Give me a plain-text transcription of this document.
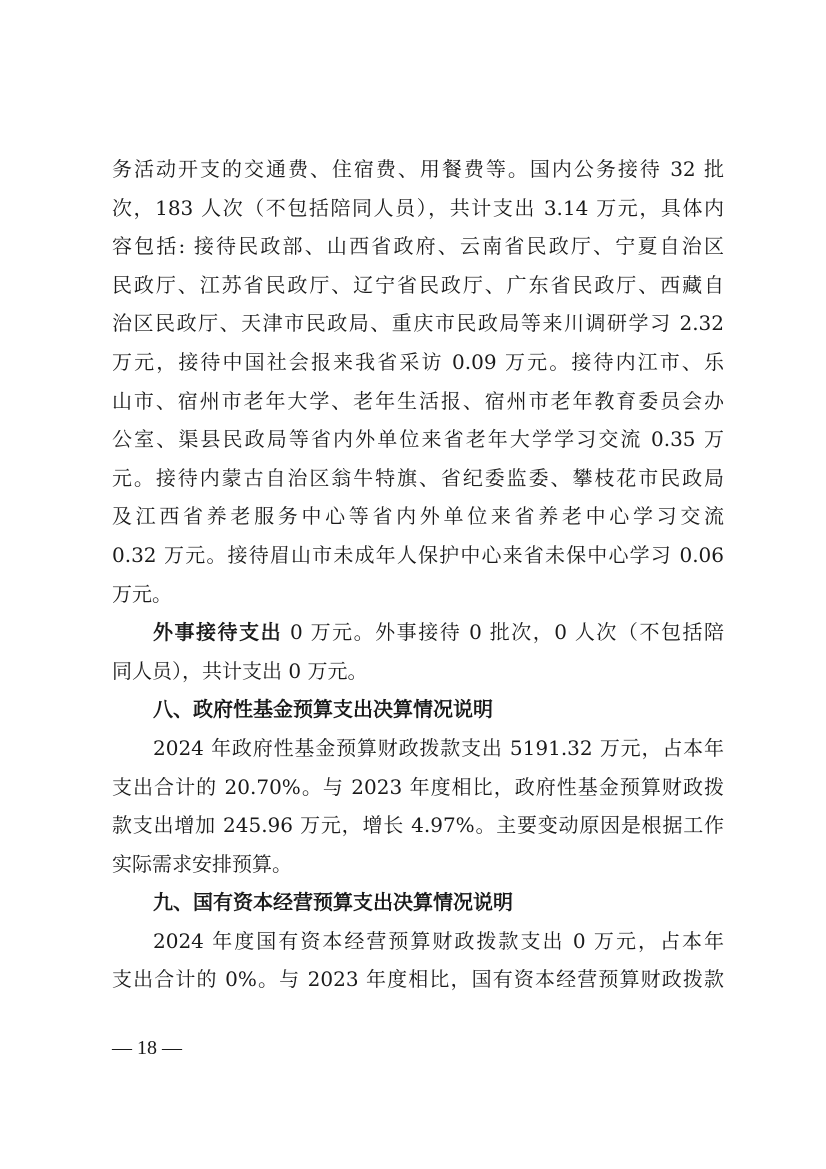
务活动开支的交通费、住宿费、用餐费等。国内公务接待 32 批
次，183 人次（不包括陪同人员），共计支出 3.14 万元，具体内
容包括: 接待民政部、山西省政府、云南省民政厅、宁夏自治区
民政厅、江苏省民政厅、辽宁省民政厅、广东省民政厅、西藏自
治区民政厅、天津市民政局、重庆市民政局等来川调研学习 2.32
万元，接待中国社会报来我省采访 0.09 万元。接待内江市、乐
山市、宿州市老年大学、老年生活报、宿州市老年教育委员会办
公室、渠县民政局等省内外单位来省老年大学学习交流 0.35 万
元。接待内蒙古自治区翁牛特旗、省纪委监委、攀枝花市民政局
及江西省养老服务中心等省内外单位来省养老中心学习交流
0.32 万元。接待眉山市未成年人保护中心来省未保中心学习 0.06
万元。
外事接待支出 0 万元。外事接待 0 批次，0 人次（不包括陪
同人员），共计支出 0 万元。
八、政府性基金预算支出决算情况说明
2024 年政府性基金预算财政拨款支出 5191.32 万元，占本年
支出合计的 20.70%。与 2023 年度相比，政府性基金预算财政拨
款支出增加 245.96 万元，增长 4.97%。主要变动原因是根据工作
实际需求安排预算。
九、国有资本经营预算支出决算情况说明
2024 年度国有资本经营预算财政拨款支出 0 万元，占本年
支出合计的 0%。与 2023 年度相比，国有资本经营预算财政拨款
— 18 —
